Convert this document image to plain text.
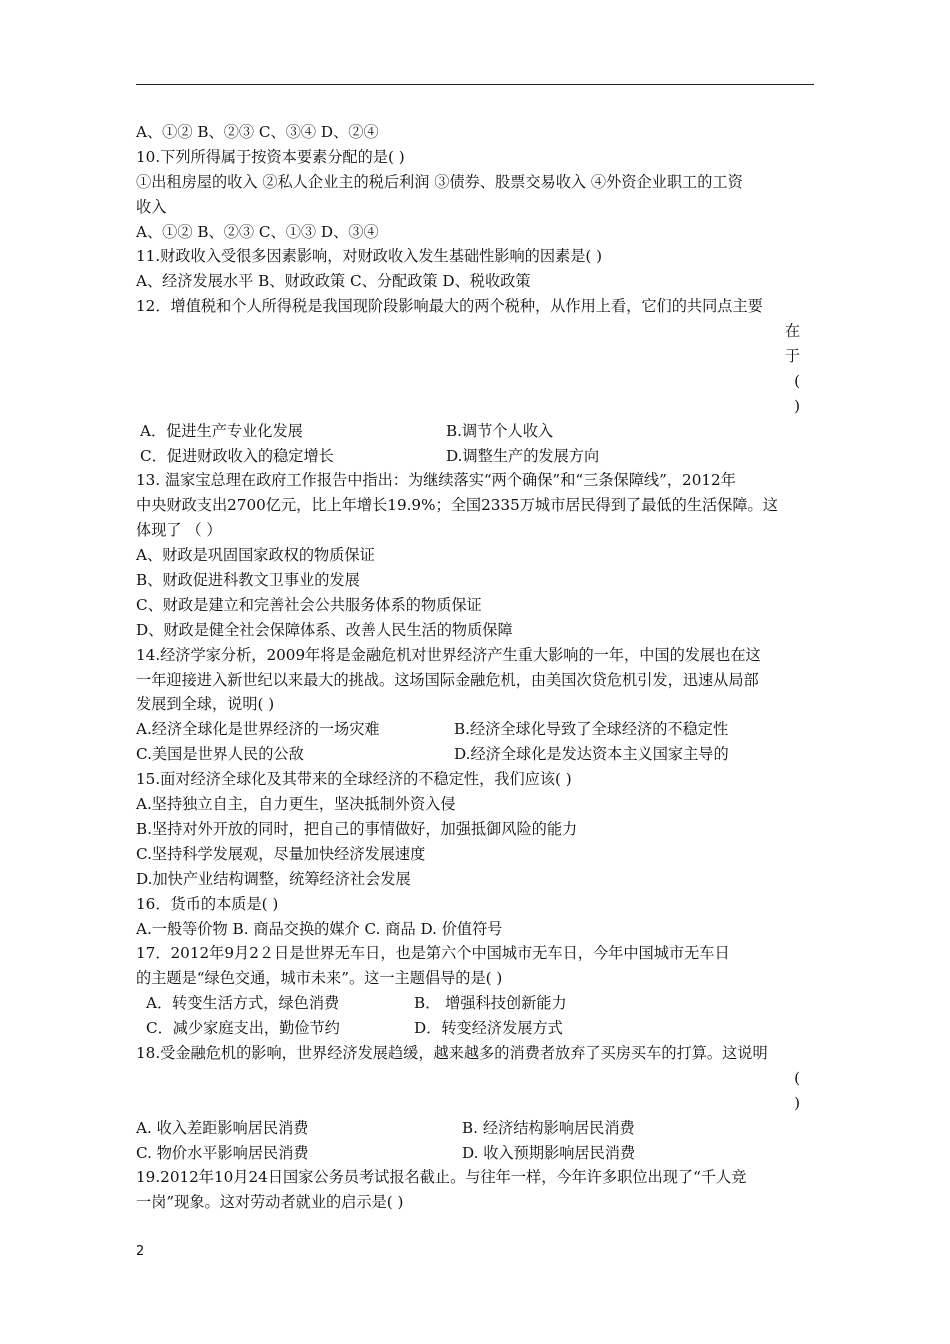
A、①② B、②③ C、③④ D、②④
10.下列所得属于按资本要素分配的是( )
①出租房屋的收入 ②私人企业主的税后利润 ③债券、股票交易收入 ④外资企业职工的工资
收入
A、①② B、②③ C、①③ D、③④
11.财政收入受很多因素影响，对财政收入发生基础性影响的因素是( )
A、经济发展水平 B、财政政策 C、分配政策 D、税收政策
12．增值税和个人所得税是我国现阶段影响最大的两个税种，从作用上看，它们的共同点主要
在
于
(
)
A．促进生产专业化发展	B.调节个人收入
C．促进财政收入的稳定增长	D.调整生产的发展方向
13. 温家宝总理在政府工作报告中指出：为继续落实“两个确保”和“三条保障线”，2012年
中央财政支出2700亿元，比上年增长19.9%；全国2335万城市居民得到了最低的生活保障。这
体现了 （ ）
A、财政是巩固国家政权的物质保证
B、财政促进科教文卫事业的发展
C、财政是建立和完善社会公共服务体系的物质保证
D、财政是健全社会保障体系、改善人民生活的物质保障
14.经济学家分析，2009年将是金融危机对世界经济产生重大影响的一年，中国的发展也在这
一年迎接进入新世纪以来最大的挑战。这场国际金融危机，由美国次贷危机引发，迅速从局部
发展到全球，说明( )
A.经济全球化是世界经济的一场灾难	B.经济全球化导致了全球经济的不稳定性
C.美国是世界人民的公敌	D.经济全球化是发达资本主义国家主导的
15.面对经济全球化及其带来的全球经济的不稳定性，我们应该( )
A.坚持独立自主，自力更生，坚决抵制外资入侵
B.坚持对外开放的同时，把自己的事情做好，加强抵御风险的能力
C.坚持科学发展观，尽量加快经济发展速度
D.加快产业结构调整，统筹经济社会发展
16．货币的本质是( )
A.一般等价物 B. 商品交换的媒介 C. 商品 D. 价值符号
17．2012年9月2２日是世界无车日，也是第六个中国城市无车日，今年中国城市无车日
的主题是“绿色交通，城市未来”。这一主题倡导的是( )
A．转变生活方式，绿色消费	B． 增强科技创新能力
C．减少家庭支出，勤俭节约	D．转变经济发展方式
18.受金融危机的影响，世界经济发展趋缓，越来越多的消费者放弃了买房买车的打算。这说明
(
)
A. 收入差距影响居民消费	B. 经济结构影响居民消费
C. 物价水平影响居民消费	D. 收入预期影响居民消费
19.2012年10月24日国家公务员考试报名截止。与往年一样，今年许多职位出现了“千人竞
一岗”现象。这对劳动者就业的启示是( )
2
